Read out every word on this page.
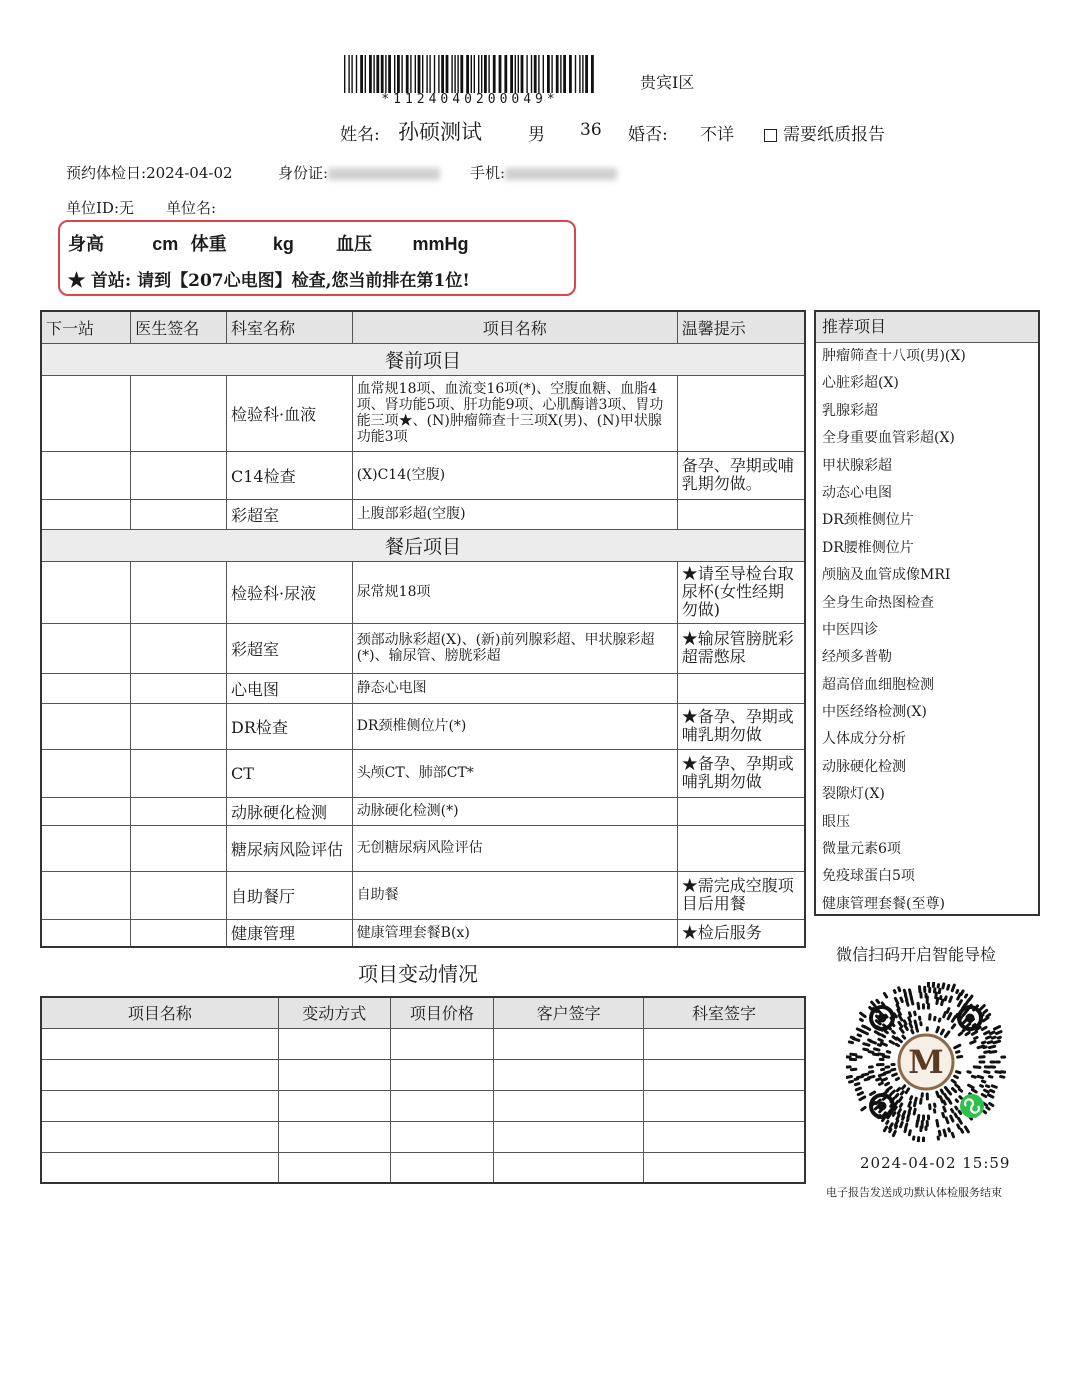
*1124040200049*
贵宾I区
姓名: 孙硕测试	男 36 婚否: 不详	需要纸质报告
预约体检日:2024-04-02	身份证:	手机:
单位ID:无 单位名:
身高	cm 体重	kg 血压 mmHg
★ 首站: 请到【207心电图】检查,您当前排在第1位!
下一站	医生签名	科室名称	项目名称	温馨提示
餐前项目				
		检验科·血液	血常规18项、血流变16项(*)、空腹血糖、血脂4项、肾功能5项、肝功能9项、心肌酶谱3项、胃功能三项★、(N)肿瘤筛查十三项X(男)、(N)甲状腺功能3项	
		C14检查	(X)C14(空腹)	备孕、孕期或哺乳期勿做。
		彩超室	上腹部彩超(空腹)	
餐后项目				
		检验科·尿液	尿常规18项	★请至导检台取尿杯(女性经期勿做)
		彩超室	颈部动脉彩超(X)、(新)前列腺彩超、甲状腺彩超(*)、输尿管、膀胱彩超	★输尿管膀胱彩超需憋尿
		心电图	静态心电图	
		DR检查	DR颈椎侧位片(*)	★备孕、孕期或哺乳期勿做
		CT	头颅CT、肺部CT*	★备孕、孕期或哺乳期勿做
		动脉硬化检测	动脉硬化检测(*)	
		糖尿病风险评估	无创糖尿病风险评估	
		自助餐厅	自助餐	★需完成空腹项目后用餐
		健康管理	健康管理套餐B(x)	★检后服务
推荐项目
肿瘤筛查十八项(男)(X)
心脏彩超(X)
乳腺彩超
全身重要血管彩超(X)
甲状腺彩超
动态心电图
DR颈椎侧位片
DR腰椎侧位片
颅脑及血管成像MRI
全身生命热图检查
中医四诊
经颅多普勒
超高倍血细胞检测
中医经络检测(X)
人体成分分析
动脉硬化检测
裂隙灯(X)
眼压
微量元素6项
免疫球蛋白5项
健康管理套餐(至尊)
项目变动情况
项目名称	变动方式	项目价格	客户签字	科室签字

微信扫码开启智能导检
M
2024-04-02 15:59
电子报告发送成功默认体检服务结束
